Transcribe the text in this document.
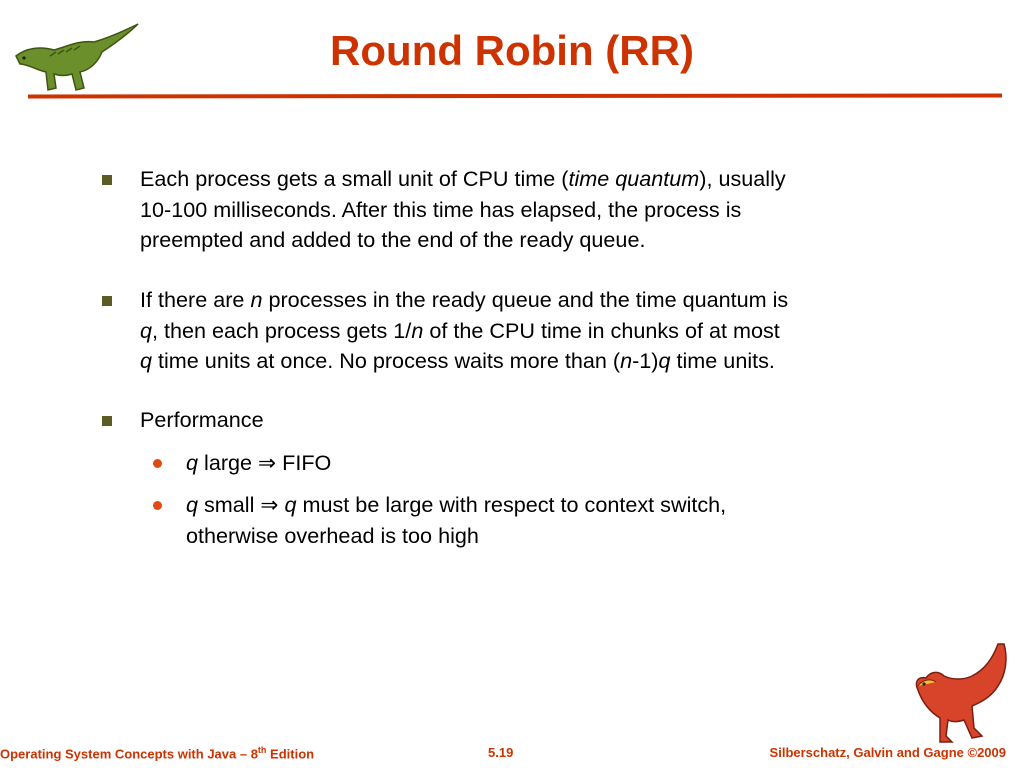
Round Robin (RR)
Each process gets a small unit of CPU time (time quantum), usually
10-100 milliseconds. After this time has elapsed, the process is
preempted and added to the end of the ready queue.
If there are n processes in the ready queue and the time quantum is
q, then each process gets 1/n of the CPU time in chunks of at most
q time units at once. No process waits more than (n-1)q time units.
Performance
q large ⇒ FIFO
q small ⇒ q must be large with respect to context switch,
otherwise overhead is too high
Operating System Concepts with Java – 8th Edition	5.19	Silberschatz, Galvin and Gagne ©2009
